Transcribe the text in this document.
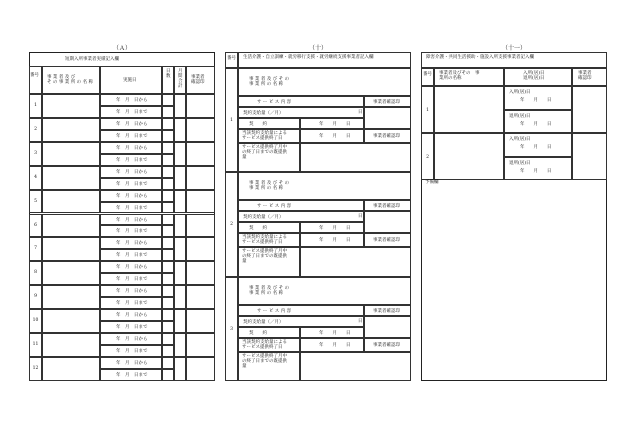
（Ａ）
短期入所事業者実績記入欄
番号	事 業 者 及 び
そ の 事 業 所 の 名 称	実施日
日
数
月
間
合
計
事業者
確認印
1
年　月　日から
年　月　日まで
2
年　月　日から
年　月　日まで
3
年　月　日から
年　月　日まで
4
年　月　日から
年　月　日まで
5
年　月　日から
年　月　日まで
6
年　月　日から
年　月　日まで
7
年　月　日から
年　月　日まで
8
年　月　日から
年　月　日まで
9
年　月　日から
年　月　日まで
10
年　月　日から
年　月　日まで
11
年　月　日から
年　月　日まで
12
年　月　日から
年　月　日まで
（十）
番号	生活介護・自立訓練・就労移行支援・就労継続支援事業者記入欄
1
事 業 者 及 び そ の
事 業 所 の 名 称
サ ー ビ ス 内 容	事業者確認印
契約支給量（／月）	日
契　　約	年　　月　　日
当該契約支給量による
サービス提供終了日	年　　月　　日	事業者確認印
サービス提供終了月中
の終了日までの既提供
量
2
事 業 者 及 び そ の
事 業 所 の 名 称
サ ー ビ ス 内 容	事業者確認印
契約支給量（／月）	日
契　　約	年　　月　　日
当該契約支給量による
サービス提供終了日	年　　月　　日	事業者確認印
サービス提供終了月中
の終了日までの既提供
量
3
事 業 者 及 び そ の
事 業 所 の 名 称
サ ー ビ ス 内 容	事業者確認印
契約支給量（／月）	日
契　　約	年　　月　　日
当該契約支給量による
サービス提供終了日	年　　月　　日	事業者確認印
サービス提供終了月中
の終了日までの既提供
量
（十一）
障害介護・共同生活援助・施設入所支援事業者記入欄
番号	事業者及びその　事
業所の名称
入所(居)日
退所(居)日
事業者
確認印
1
入所(居)日
年　　月　　日
退所(居)日
年　　月　　日
2
入所(居)日
年　　月　　日
退所(居)日
年　　月　　日
予備欄
